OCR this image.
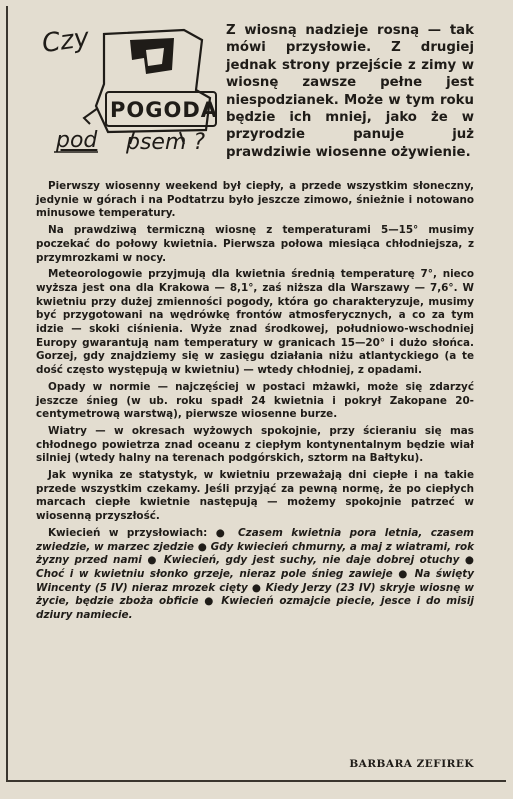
Czy
POGODA
pod psem ?

Z wiosną nadzieje rosną — tak mówi przysłowie. Z drugiej jednak strony przejście z zimy w wiosnę zawsze pełne jest niespodzianek. Może w tym roku będzie ich mniej, jako że w przyrodzie panuje już prawdziwie wiosenne ożywienie.

Pierwszy wiosenny weekend był ciepły, a przede wszystkim słoneczny, jedynie w górach i na Podtatrzu było jeszcze zimowo, śnieżnie i notowano minusowe temperatury.

Na prawdziwą termiczną wiosnę z temperaturami 5—15° musimy poczekać do połowy kwietnia. Pierwsza połowa miesiąca chłodniejsza, z przymrozkami w nocy.

Meteorologowie przyjmują dla kwietnia średnią temperaturę 7°, nieco wyższa jest ona dla Krakowa — 8,1°, zaś niższa dla Warszawy — 7,6°. W kwietniu przy dużej zmienności pogody, która go charakteryzuje, musimy być przygotowani na wędrówkę frontów atmosferycznych, a co za tym idzie — skoki ciśnienia. Wyże znad środkowej, południowo-wschodniej Europy gwarantują nam temperatury w granicach 15—20° i dużo słońca. Gorzej, gdy znajdziemy się w zasięgu działania niżu atlantyckiego (a te dość często występują w kwietniu) — wtedy chłodniej, z opadami.

Opady w normie — najczęściej w postaci mżawki, może się zdarzyć jeszcze śnieg (w ub. roku spadł 24 kwietnia i pokrył Zakopane 20-centymetrową warstwą), pierwsze wiosenne burze.

Wiatry — w okresach wyżowych spokojnie, przy ścieraniu się mas chłodnego powietrza znad oceanu z ciepłym kontynentalnym będzie wiał silniej (wtedy halny na terenach podgórskich, sztorm na Bałtyku).

Jak wynika ze statystyk, w kwietniu przeważają dni ciepłe i na takie przede wszystkim czekamy. Jeśli przyjąć za pewną normę, że po ciepłych marcach ciepłe kwietnie następują — możemy spokojnie patrzeć w wiosenną przyszłość.

Kwiecień w przysłowiach: ● Czasem kwietnia pora letnia, czasem zwiedzie, w marzec zjedzie ● Gdy kwiecień chmurny, a maj z wiatrami, rok żyzny przed nami ● Kwiecień, gdy jest suchy, nie daje dobrej otuchy ● Choć i w kwietniu słonko grzeje, nieraz pole śnieg zawieje ● Na święty Wincenty (5 IV) nieraz mrozek cięty ● Kiedy Jerzy (23 IV) skryje wiosnę w życie, będzie zboża obficie ● Kwiecień ozmajcie piecie, jesce i do misij dziury namiecie.

BARBARA ZEFIREK
